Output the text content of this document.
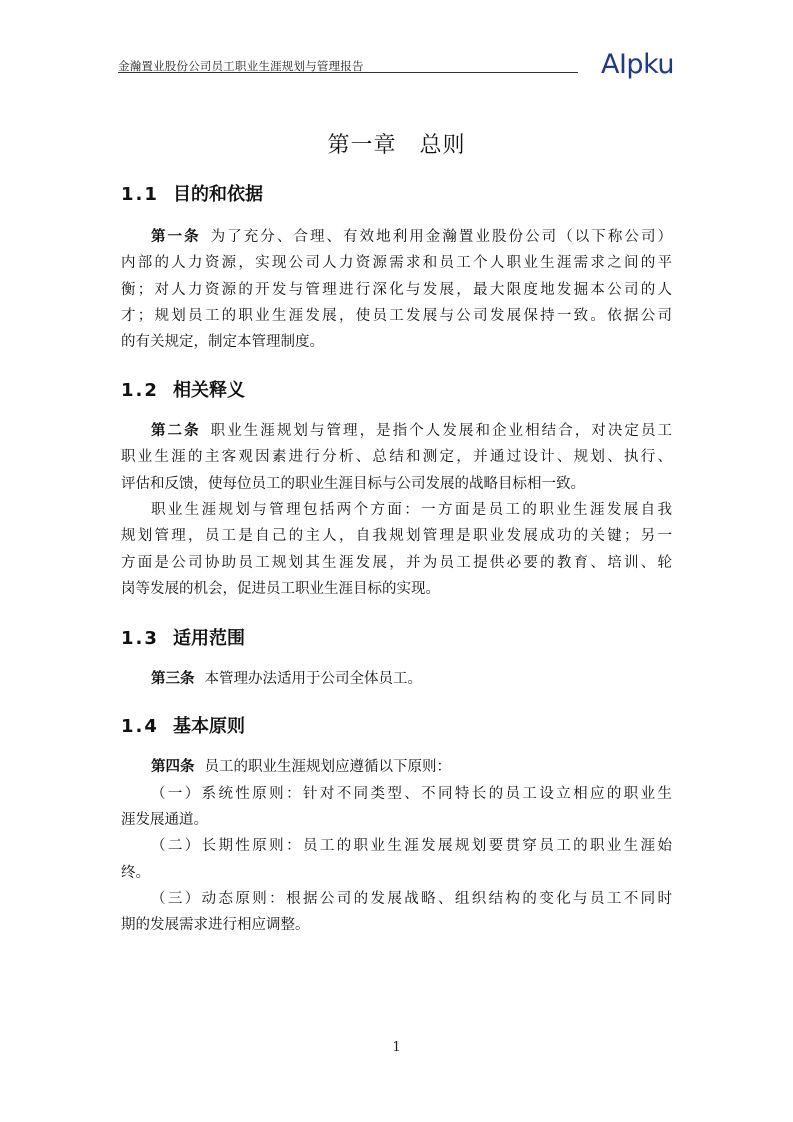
金瀚置业股份公司员工职业生涯规划与管理报告	AIpku
第一章　总则
1.1 目的和依据
第一条 为了充分、合理、有效地利用金瀚置业股份公司（以下称公司）
内部的人力资源，实现公司人力资源需求和员工个人职业生涯需求之间的平
衡；对人力资源的开发与管理进行深化与发展，最大限度地发掘本公司的人
才；规划员工的职业生涯发展，使员工发展与公司发展保持一致。依据公司
的有关规定，制定本管理制度。
1.2 相关释义
第二条 职业生涯规划与管理，是指个人发展和企业相结合，对决定员工
职业生涯的主客观因素进行分析、总结和测定，并通过设计、规划、执行、
评估和反馈，使每位员工的职业生涯目标与公司发展的战略目标相一致。
职业生涯规划与管理包括两个方面：一方面是员工的职业生涯发展自我
规划管理，员工是自己的主人，自我规划管理是职业发展成功的关键；另一
方面是公司协助员工规划其生涯发展，并为员工提供必要的教育、培训、轮
岗等发展的机会，促进员工职业生涯目标的实现。
1.3 适用范围
第三条 本管理办法适用于公司全体员工。
1.4 基本原则
第四条 员工的职业生涯规划应遵循以下原则：
（一）系统性原则：针对不同类型、不同特长的员工设立相应的职业生
涯发展通道。
（二）长期性原则：员工的职业生涯发展规划要贯穿员工的职业生涯始
终。
（三）动态原则：根据公司的发展战略、组织结构的变化与员工不同时
期的发展需求进行相应调整。
1
